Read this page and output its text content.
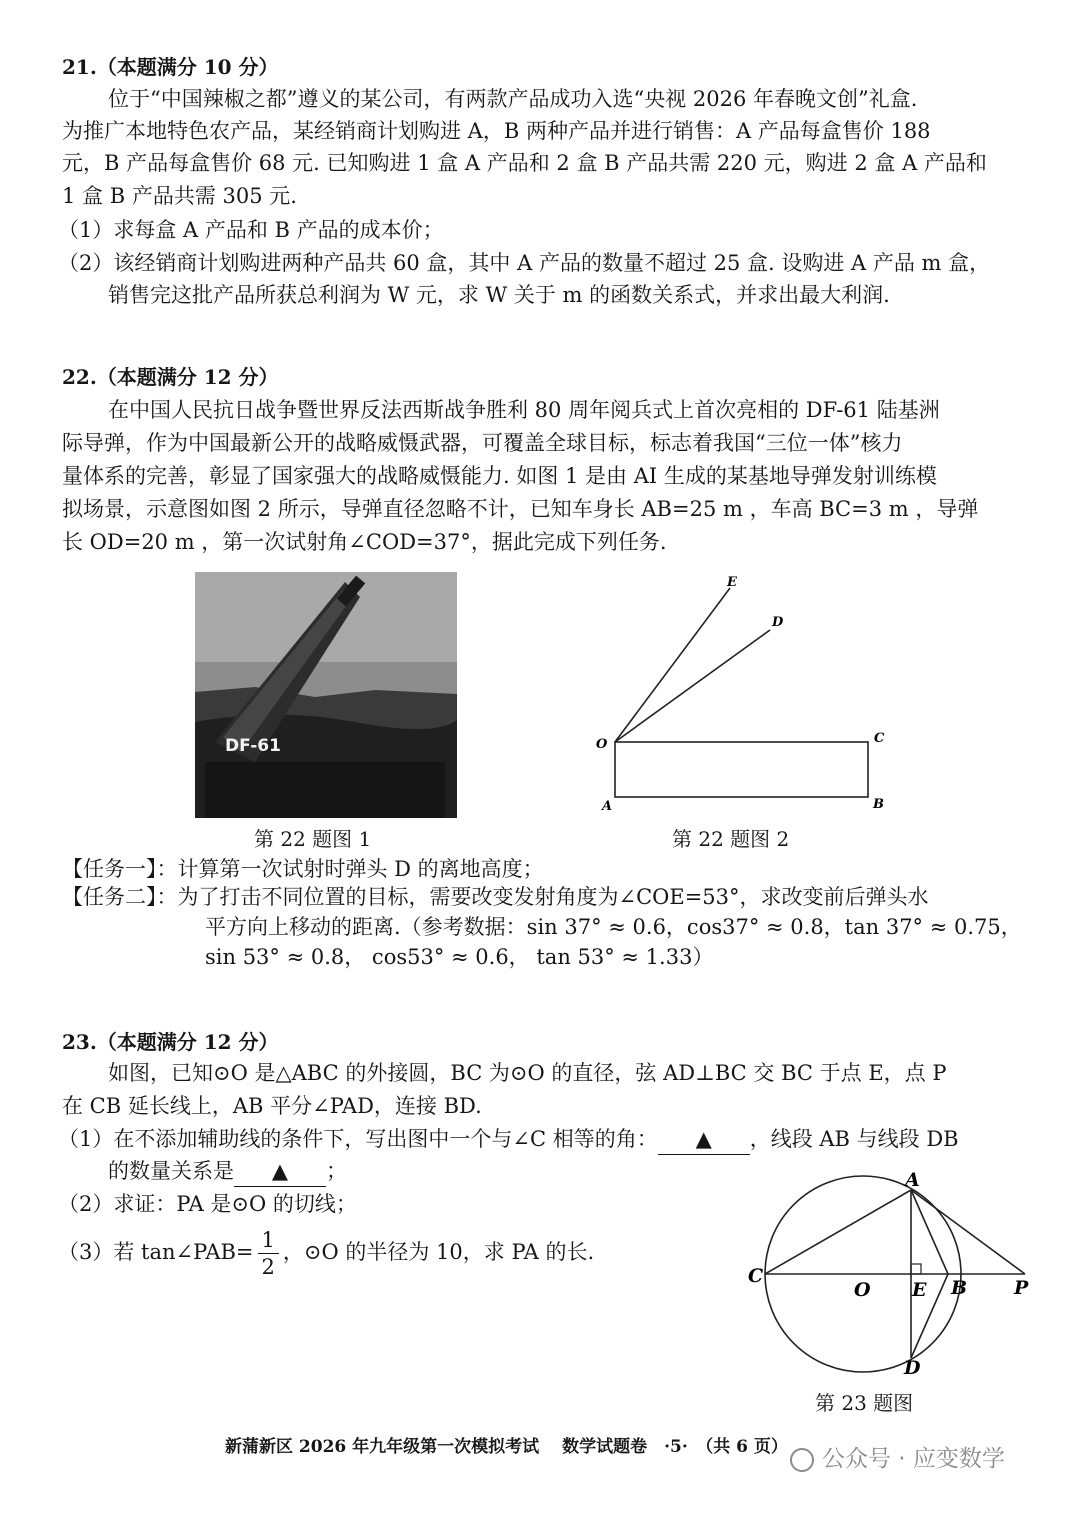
21.（本题满分 10 分）
位于“中国辣椒之都”遵义的某公司，有两款产品成功入选“央视 2026 年春晚文创”礼盒.
为推广本地特色农产品，某经销商计划购进 A，B 两种产品并进行销售：A 产品每盒售价 188
元，B 产品每盒售价 68 元. 已知购进 1 盒 A 产品和 2 盒 B 产品共需 220 元，购进 2 盒 A 产品和
1 盒 B 产品共需 305 元.
（1）求每盒 A 产品和 B 产品的成本价；
（2）该经销商计划购进两种产品共 60 盒，其中 A 产品的数量不超过 25 盒. 设购进 A 产品 m 盒，
销售完这批产品所获总利润为 W 元，求 W 关于 m 的函数关系式，并求出最大利润.
22.（本题满分 12 分）
在中国人民抗日战争暨世界反法西斯战争胜利 80 周年阅兵式上首次亮相的 DF-61 陆基洲
际导弹，作为中国最新公开的战略威慑武器，可覆盖全球目标，标志着我国“三位一体”核力
量体系的完善，彰显了国家强大的战略威慑能力. 如图 1 是由 AI 生成的某基地导弹发射训练模
拟场景，示意图如图 2 所示，导弹直径忽略不计，已知车身长 AB=25 m ，车高 BC=3 m ，导弹
长 OD=20 m ，第一次试射角∠COD=37°，据此完成下列任务.
DF-61
第 22 题图 1
E
D
O	C
A	B
第 22 题图 2
【任务一】：计算第一次试射时弹头 D 的离地高度；
【任务二】：为了打击不同位置的目标，需要改变发射角度为∠COE=53°，求改变前后弹头水
平方向上移动的距离.（参考数据：sin 37° ≈ 0.6，cos37° ≈ 0.8，tan 37° ≈ 0.75，
sin 53° ≈ 0.8， cos53° ≈ 0.6， tan 53° ≈ 1.33）
23.（本题满分 12 分）
如图，已知⊙O 是△ABC 的外接圆，BC 为⊙O 的直径，弦 AD⊥BC 交 BC 于点 E，点 P
在 CB 延长线上，AB 平分∠PAD，连接 BD.
（1）在不添加辅助线的条件下，写出图中一个与∠C 相等的角： ▲ ，线段 AB 与线段 DB
的数量关系是 ▲ ；
（2）求证：PA 是⊙O 的切线；
（3）若 tan∠PAB= $\frac{1}{2}$ ，⊙O 的半径为 10，求 PA 的长.
A
C
O E B P
D
第 23 题图
新蒲新区 2026 年九年级第一次模拟考试　 数学试题卷　·5·　（共 6 页）	公众号 · 应变数学
